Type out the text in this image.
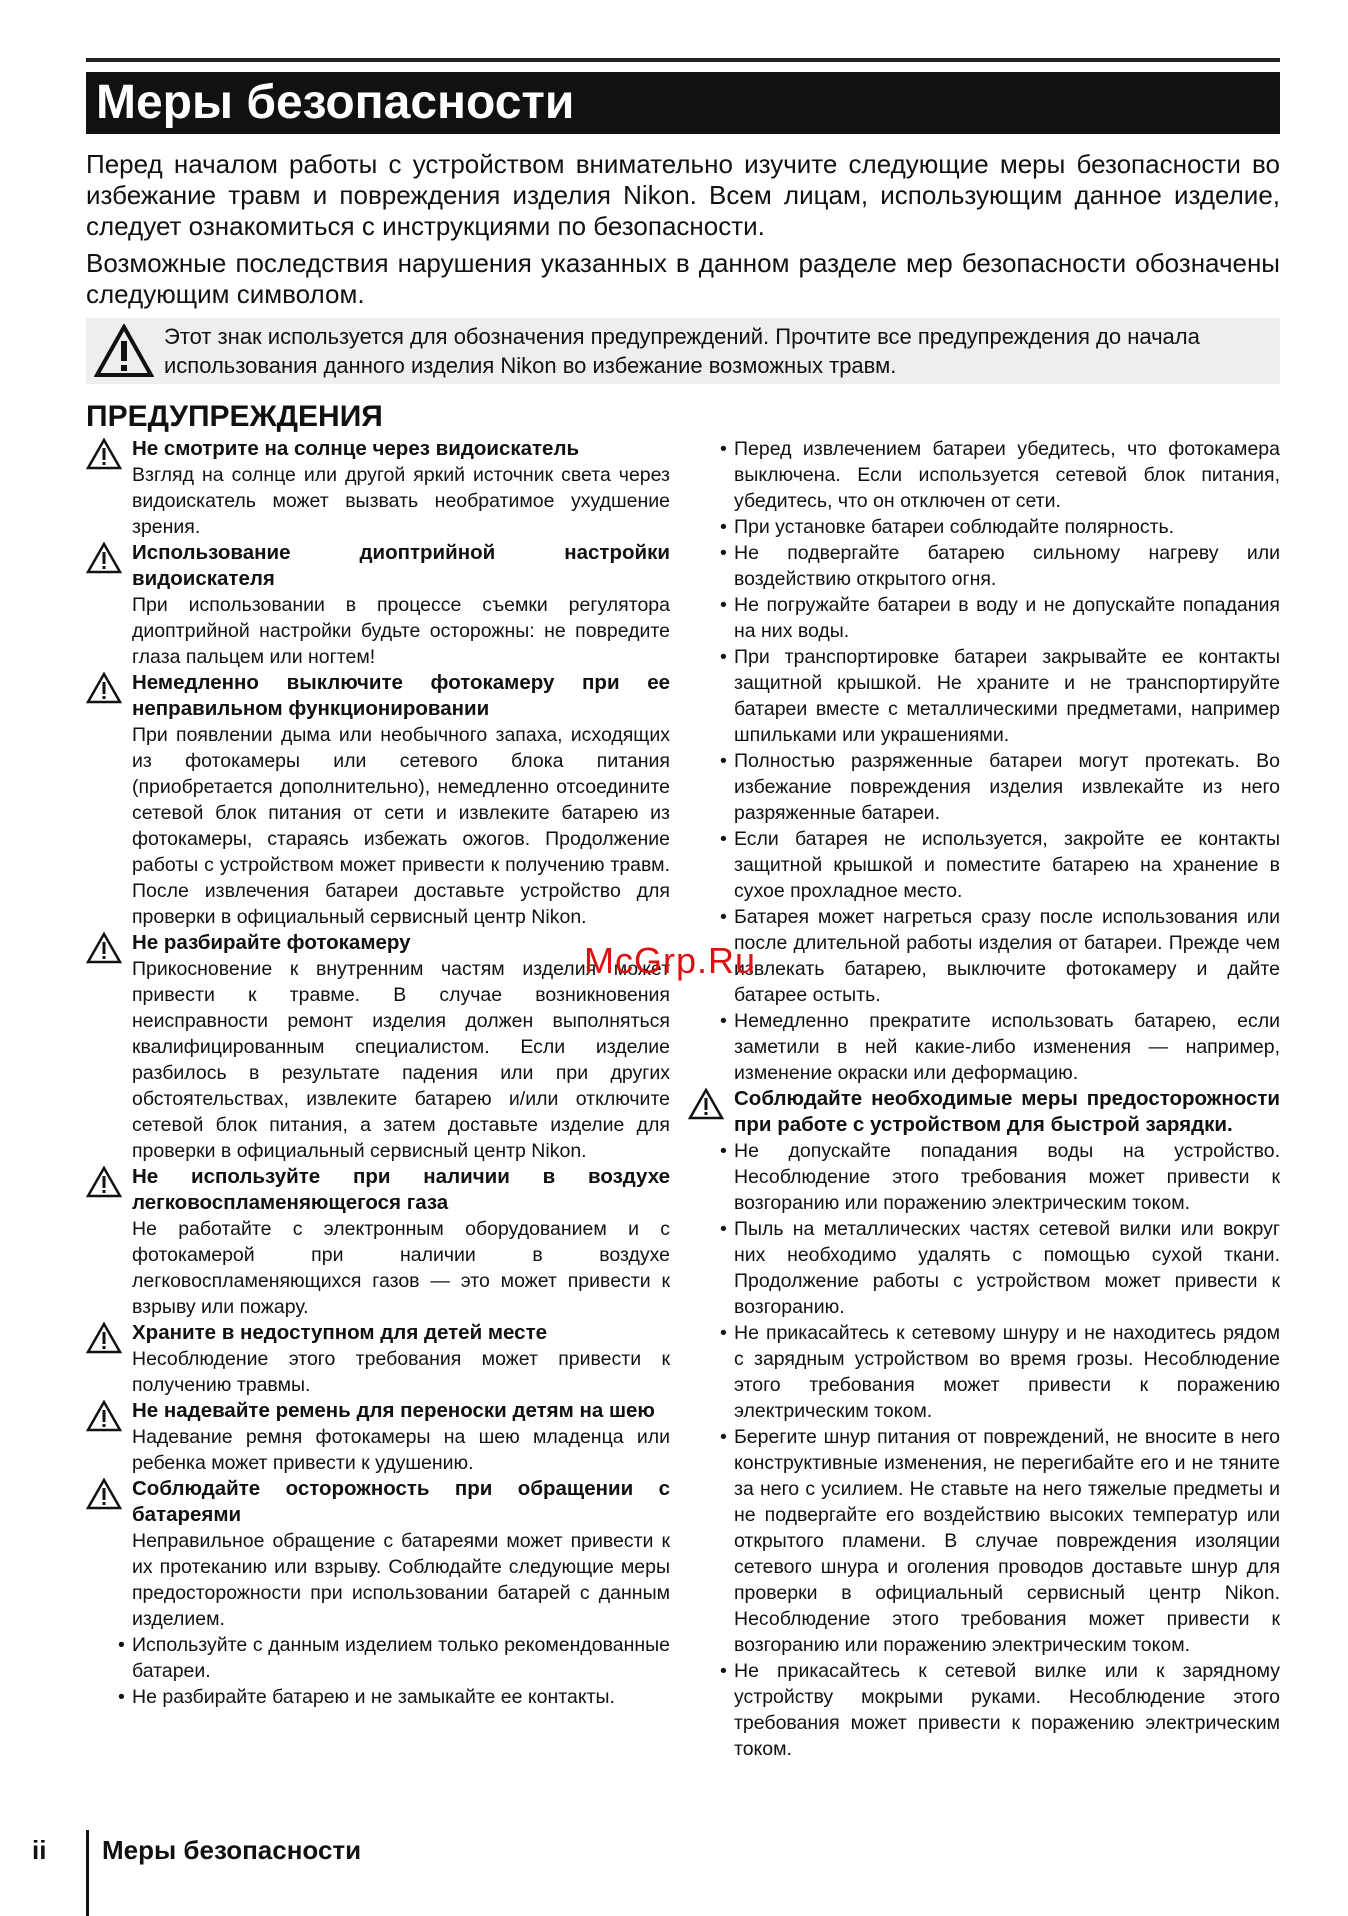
Меры безопасности
Перед началом работы с устройством внимательно изучите следующие меры безопасности во избежание травм и повреждения изделия Nikon. Всем лицам, использующим данное изделие, следует ознакомиться с инструкциями по безопасности.
Возможные последствия нарушения указанных в данном разделе мер безопасности обозначены следующим символом.
Этот знак используется для обозначения предупреждений. Прочтите все предупреждения до начала использования данного изделия Nikon во избежание возможных травм.
ПРЕДУПРЕЖДЕНИЯ
Не смотрите на солнце через видоискатель
Взгляд на солнце или другой яркий источник света через видоискатель может вызвать необратимое ухудшение зрения.
Использование диоптрийной настройки видоискателя
При использовании в процессе съемки регулятора диоптрийной настройки будьте осторожны: не повредите глаза пальцем или ногтем!
Немедленно выключите фотокамеру при ее неправильном функционировании
При появлении дыма или необычного запаха, исходящих из фотокамеры или сетевого блока питания (приобретается дополнительно), немедленно отсоедините сетевой блок питания от сети и извлеките батарею из фотокамеры, стараясь избежать ожогов. Продолжение работы с устройством может привести к получению травм. После извлечения батареи доставьте устройство для проверки в официальный сервисный центр Nikon.
Не разбирайте фотокамеру
Прикосновение к внутренним частям изделия может привести к травме. В случае возникновения неисправности ремонт изделия должен выполняться квалифицированным специалистом. Если изделие разбилось в результате падения или при других обстоятельствах, извлеките батарею и/или отключите сетевой блок питания, а затем доставьте изделие для проверки в официальный сервисный центр Nikon.
Не используйте при наличии в воздухе легковоспламеняющегося газа
Не работайте с электронным оборудованием и с фотокамерой при наличии в воздухе легковоспламеняющихся газов — это может привести к взрыву или пожару.
Храните в недоступном для детей месте
Несоблюдение этого требования может привести к получению травмы.
Не надевайте ремень для переноски детям на шею
Надевание ремня фотокамеры на шею младенца или ребенка может привести к удушению.
Соблюдайте осторожность при обращении с батареями
Неправильное обращение с батареями может привести к их протеканию или взрыву. Соблюдайте следующие меры предосторожности при использовании батарей с данным изделием.
• Используйте с данным изделием только рекомендованные батареи.
• Не разбирайте батарею и не замыкайте ее контакты.
• Перед извлечением батареи убедитесь, что фотокамера выключена. Если используется сетевой блок питания, убедитесь, что он отключен от сети.
• При установке батареи соблюдайте полярность.
• Не подвергайте батарею сильному нагреву или воздействию открытого огня.
• Не погружайте батареи в воду и не допускайте попадания на них воды.
• При транспортировке батареи закрывайте ее контакты защитной крышкой. Не храните и не транспортируйте батареи вместе с металлическими предметами, например шпильками или украшениями.
• Полностью разряженные батареи могут протекать. Во избежание повреждения изделия извлекайте из него разряженные батареи.
• Если батарея не используется, закройте ее контакты защитной крышкой и поместите батарею на хранение в сухое прохладное место.
• Батарея может нагреться сразу после использования или после длительной работы изделия от батареи. Прежде чем извлекать батарею, выключите фотокамеру и дайте батарее остыть.
• Немедленно прекратите использовать батарею, если заметили в ней какие-либо изменения — например, изменение окраски или деформацию.
Соблюдайте необходимые меры предосторожности при работе с устройством для быстрой зарядки.
• Не допускайте попадания воды на устройство. Несоблюдение этого требования может привести к возгоранию или поражению электрическим током.
• Пыль на металлических частях сетевой вилки или вокруг них необходимо удалять с помощью сухой ткани. Продолжение работы с устройством может привести к возгоранию.
• Не прикасайтесь к сетевому шнуру и не находитесь рядом с зарядным устройством во время грозы. Несоблюдение этого требования может привести к поражению электрическим током.
• Берегите шнур питания от повреждений, не вносите в него конструктивные изменения, не перегибайте его и не тяните за него с усилием. Не ставьте на него тяжелые предметы и не подвергайте его воздействию высоких температур или открытого пламени. В случае повреждения изоляции сетевого шнура и оголения проводов доставьте шнур для проверки в официальный сервисный центр Nikon. Несоблюдение этого требования может привести к возгоранию или поражению электрическим током.
• Не прикасайтесь к сетевой вилке или к зарядному устройству мокрыми руками. Несоблюдение этого требования может привести к поражению электрическим током.
McGrp.Ru
ii Меры безопасности
